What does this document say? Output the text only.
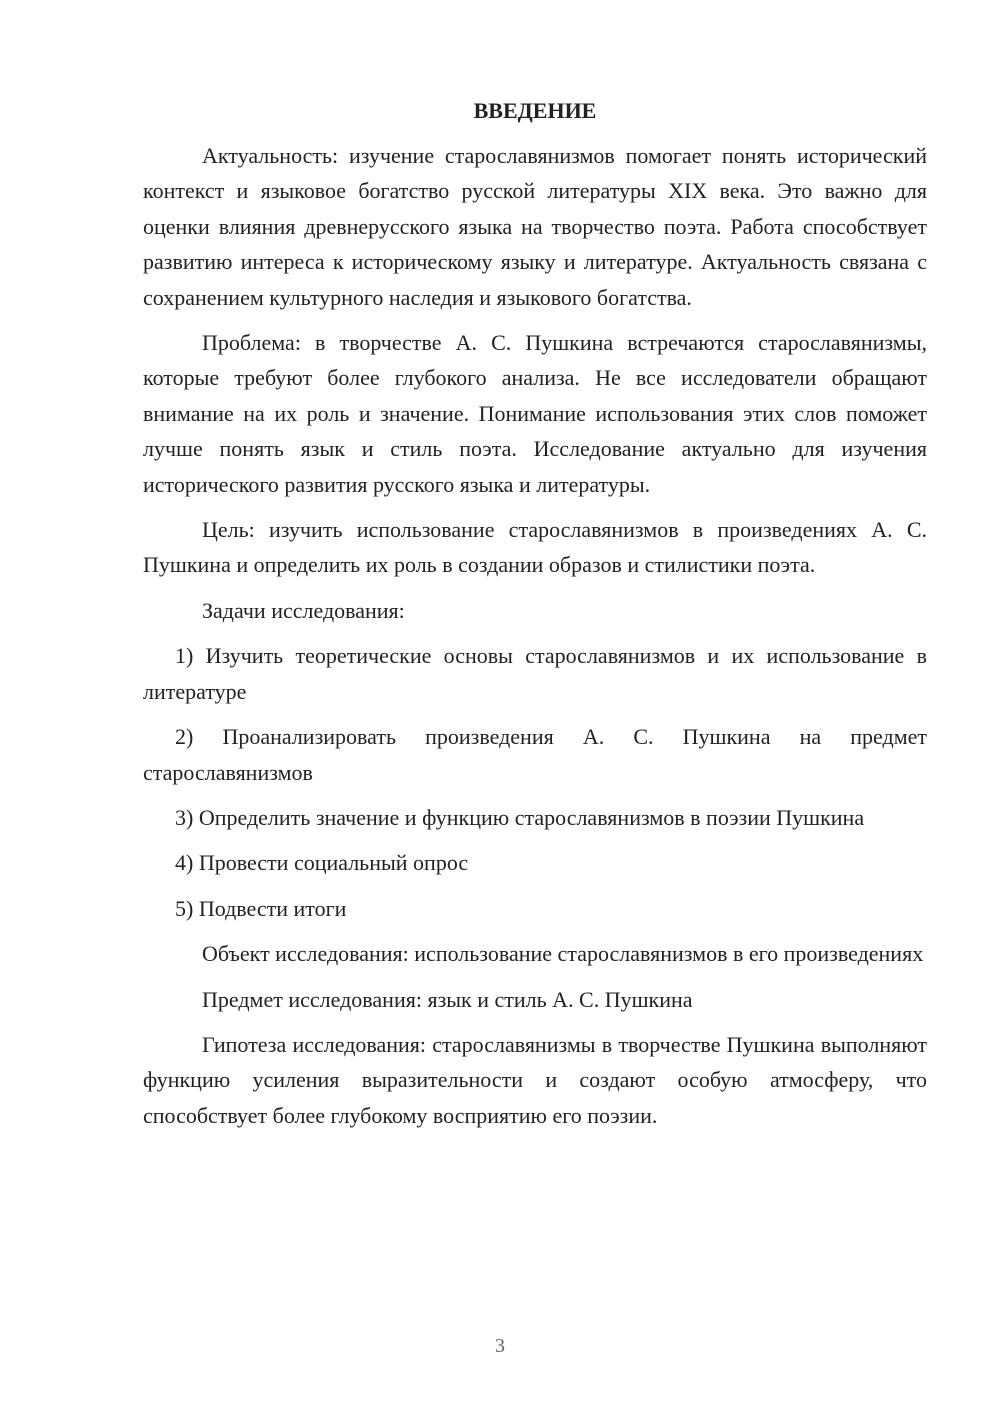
ВВЕДЕНИЕ

Актуальность: изучение старославянизмов помогает понять исторический контекст и языковое богатство русской литературы XIX века. Это важно для оценки влияния древнерусского языка на творчество поэта. Работа способствует развитию интереса к историческому языку и литературе. Актуальность связана с сохранением культурного наследия и языкового богатства.

Проблема: в творчестве А. С. Пушкина встречаются старославянизмы, которые требуют более глубокого анализа. Не все исследователи обращают внимание на их роль и значение. Понимание использования этих слов поможет лучше понять язык и стиль поэта. Исследование актуально для изучения исторического развития русского языка и литературы.

Цель: изучить использование старославянизмов в произведениях А. С. Пушкина и определить их роль в создании образов и стилистики поэта.

Задачи исследования:

1) Изучить теоретические основы старославянизмов и их использование в литературе

2) Проанализировать произведения А. С. Пушкина на предмет старославянизмов

3) Определить значение и функцию старославянизмов в поэзии Пушкина

4) Провести социальный опрос

5) Подвести итоги

Объект исследования: использование старославянизмов в его произведениях

Предмет исследования: язык и стиль А. С. Пушкина

Гипотеза исследования: старославянизмы в творчестве Пушкина выполняют функцию усиления выразительности и создают особую атмосферу, что способствует более глубокому восприятию его поэзии.

3
